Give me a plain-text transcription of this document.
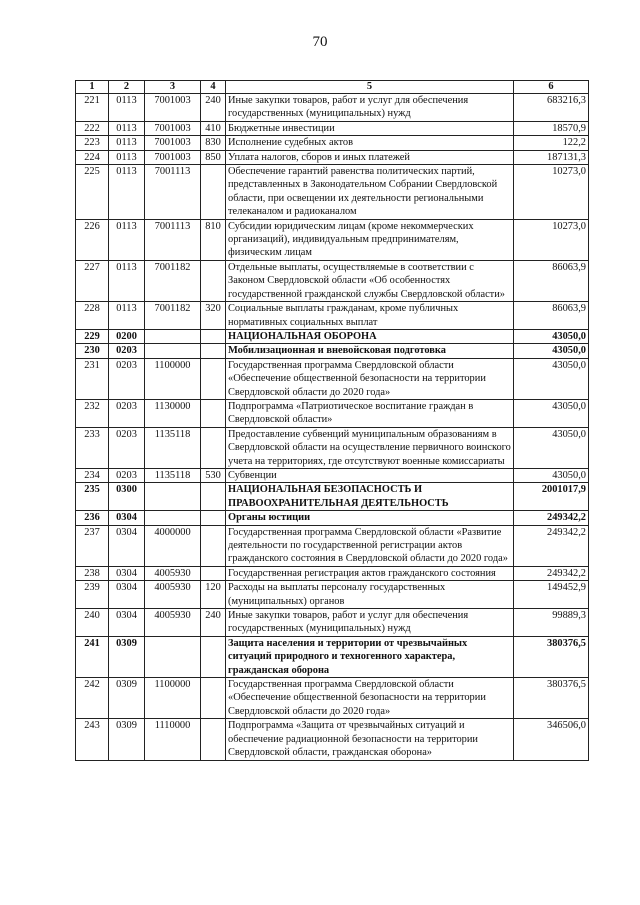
70
1	2	3	4	5	6
221	0113	7001003	240	Иные закупки товаров, работ и услуг для обеспечения государственных (муниципальных) нужд	683216,3
222	0113	7001003	410	Бюджетные инвестиции	18570,9
223	0113	7001003	830	Исполнение судебных актов	122,2
224	0113	7001003	850	Уплата налогов, сборов и иных платежей	187131,3
225	0113	7001113		Обеспечение гарантий равенства политических партий, представленных в Законодательном Собрании Свердловской области, при освещении их деятельности региональными телеканалом и радиоканалом	10273,0
226	0113	7001113	810	Субсидии юридическим лицам (кроме некоммерческих организаций), индивидуальным предпринимателям, физическим лицам	10273,0
227	0113	7001182		Отдельные выплаты, осуществляемые в соответствии с Законом Свердловской области «Об особенностях государственной гражданской службы Свердловской области»	86063,9
228	0113	7001182	320	Социальные выплаты гражданам, кроме публичных нормативных социальных выплат	86063,9
229	0200			НАЦИОНАЛЬНАЯ ОБОРОНА	43050,0
230	0203			Мобилизационная и вневойсковая подготовка	43050,0
231	0203	1100000		Государственная программа Свердловской области «Обеспечение общественной безопасности на территории Свердловской области до 2020 года»	43050,0
232	0203	1130000		Подпрограмма «Патриотическое воспитание граждан в Свердловской области»	43050,0
233	0203	1135118		Предоставление субвенций муниципальным образованиям в Свердловской области на осуществление первичного воинского учета на территориях, где отсутствуют военные комиссариаты	43050,0
234	0203	1135118	530	Субвенции	43050,0
235	0300			НАЦИОНАЛЬНАЯ БЕЗОПАСНОСТЬ И ПРАВООХРАНИТЕЛЬНАЯ ДЕЯТЕЛЬНОСТЬ	2001017,9
236	0304			Органы юстиции	249342,2
237	0304	4000000		Государственная программа Свердловской области «Развитие деятельности по государственной регистрации актов гражданского состояния в Свердловской области до 2020 года»	249342,2
238	0304	4005930		Государственная регистрация актов гражданского состояния	249342,2
239	0304	4005930	120	Расходы на выплаты персоналу государственных (муниципальных) органов	149452,9
240	0304	4005930	240	Иные закупки товаров, работ и услуг для обеспечения государственных (муниципальных) нужд	99889,3
241	0309			Защита населения и территории от чрезвычайных ситуаций природного и техногенного характера, гражданская оборона	380376,5
242	0309	1100000		Государственная программа Свердловской области «Обеспечение общественной безопасности на территории Свердловской области до 2020 года»	380376,5
243	0309	1110000		Подпрограмма «Защита от чрезвычайных ситуаций и обеспечение радиационной безопасности на территории Свердловской области, гражданская оборона»	346506,0
